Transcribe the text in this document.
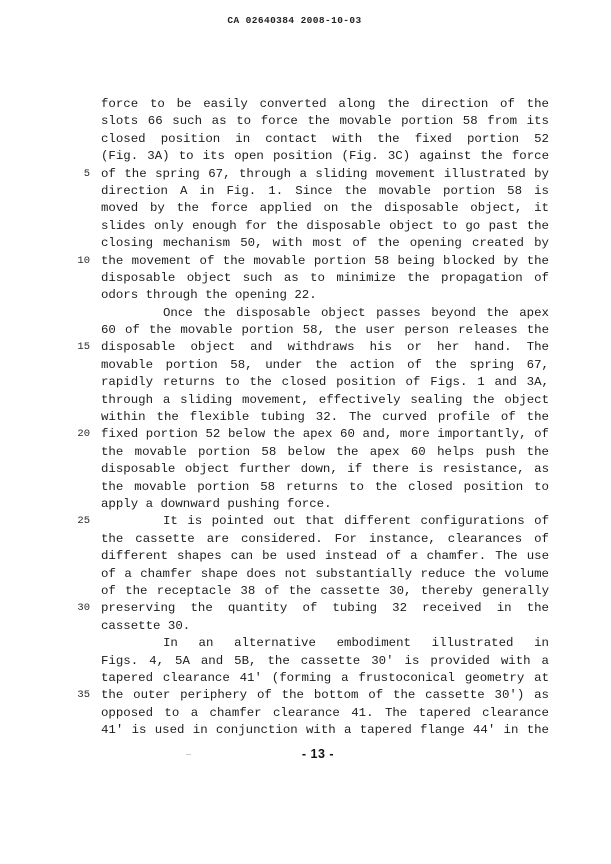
CA 02640384 2008-10-03
force to be easily converted along the direction of the
slots 66 such as to force the movable portion 58 from its
closed position in contact with the fixed portion 52
(Fig. 3A) to its open position (Fig. 3C) against the force
5 of the spring 67, through a sliding movement illustrated by
direction A in Fig. 1. Since the movable portion 58 is
moved by the force applied on the disposable object, it
slides only enough for the disposable object to go past the
closing mechanism 50, with most of the opening created by
10 the movement of the movable portion 58 being blocked by the
disposable object such as to minimize the propagation of
odors through the opening 22.
Once the disposable object passes beyond the apex
60 of the movable portion 58, the user person releases the
15 disposable object and withdraws his or her hand. The
movable portion 58, under the action of the spring 67,
rapidly returns to the closed position of Figs. 1 and 3A,
through a sliding movement, effectively sealing the object
within the flexible tubing 32. The curved profile of the
20 fixed portion 52 below the apex 60 and, more importantly, of
the movable portion 58 below the apex 60 helps push the
disposable object further down, if there is resistance, as
the movable portion 58 returns to the closed position to
apply a downward pushing force.
25	It is pointed out that different configurations of
the cassette are considered. For instance, clearances of
different shapes can be used instead of a chamfer. The use
of a chamfer shape does not substantially reduce the volume
of the receptacle 38 of the cassette 30, thereby generally
30 preserving the quantity of tubing 32 received in the
cassette 30.
In an alternative embodiment illustrated in
Figs. 4, 5A and 5B, the cassette 30' is provided with a
tapered clearance 41' (forming a frustoconical geometry at
35 the outer periphery of the bottom of the cassette 30') as
opposed to a chamfer clearance 41. The tapered clearance
41' is used in conjunction with a tapered flange 44' in the
- 13 -
